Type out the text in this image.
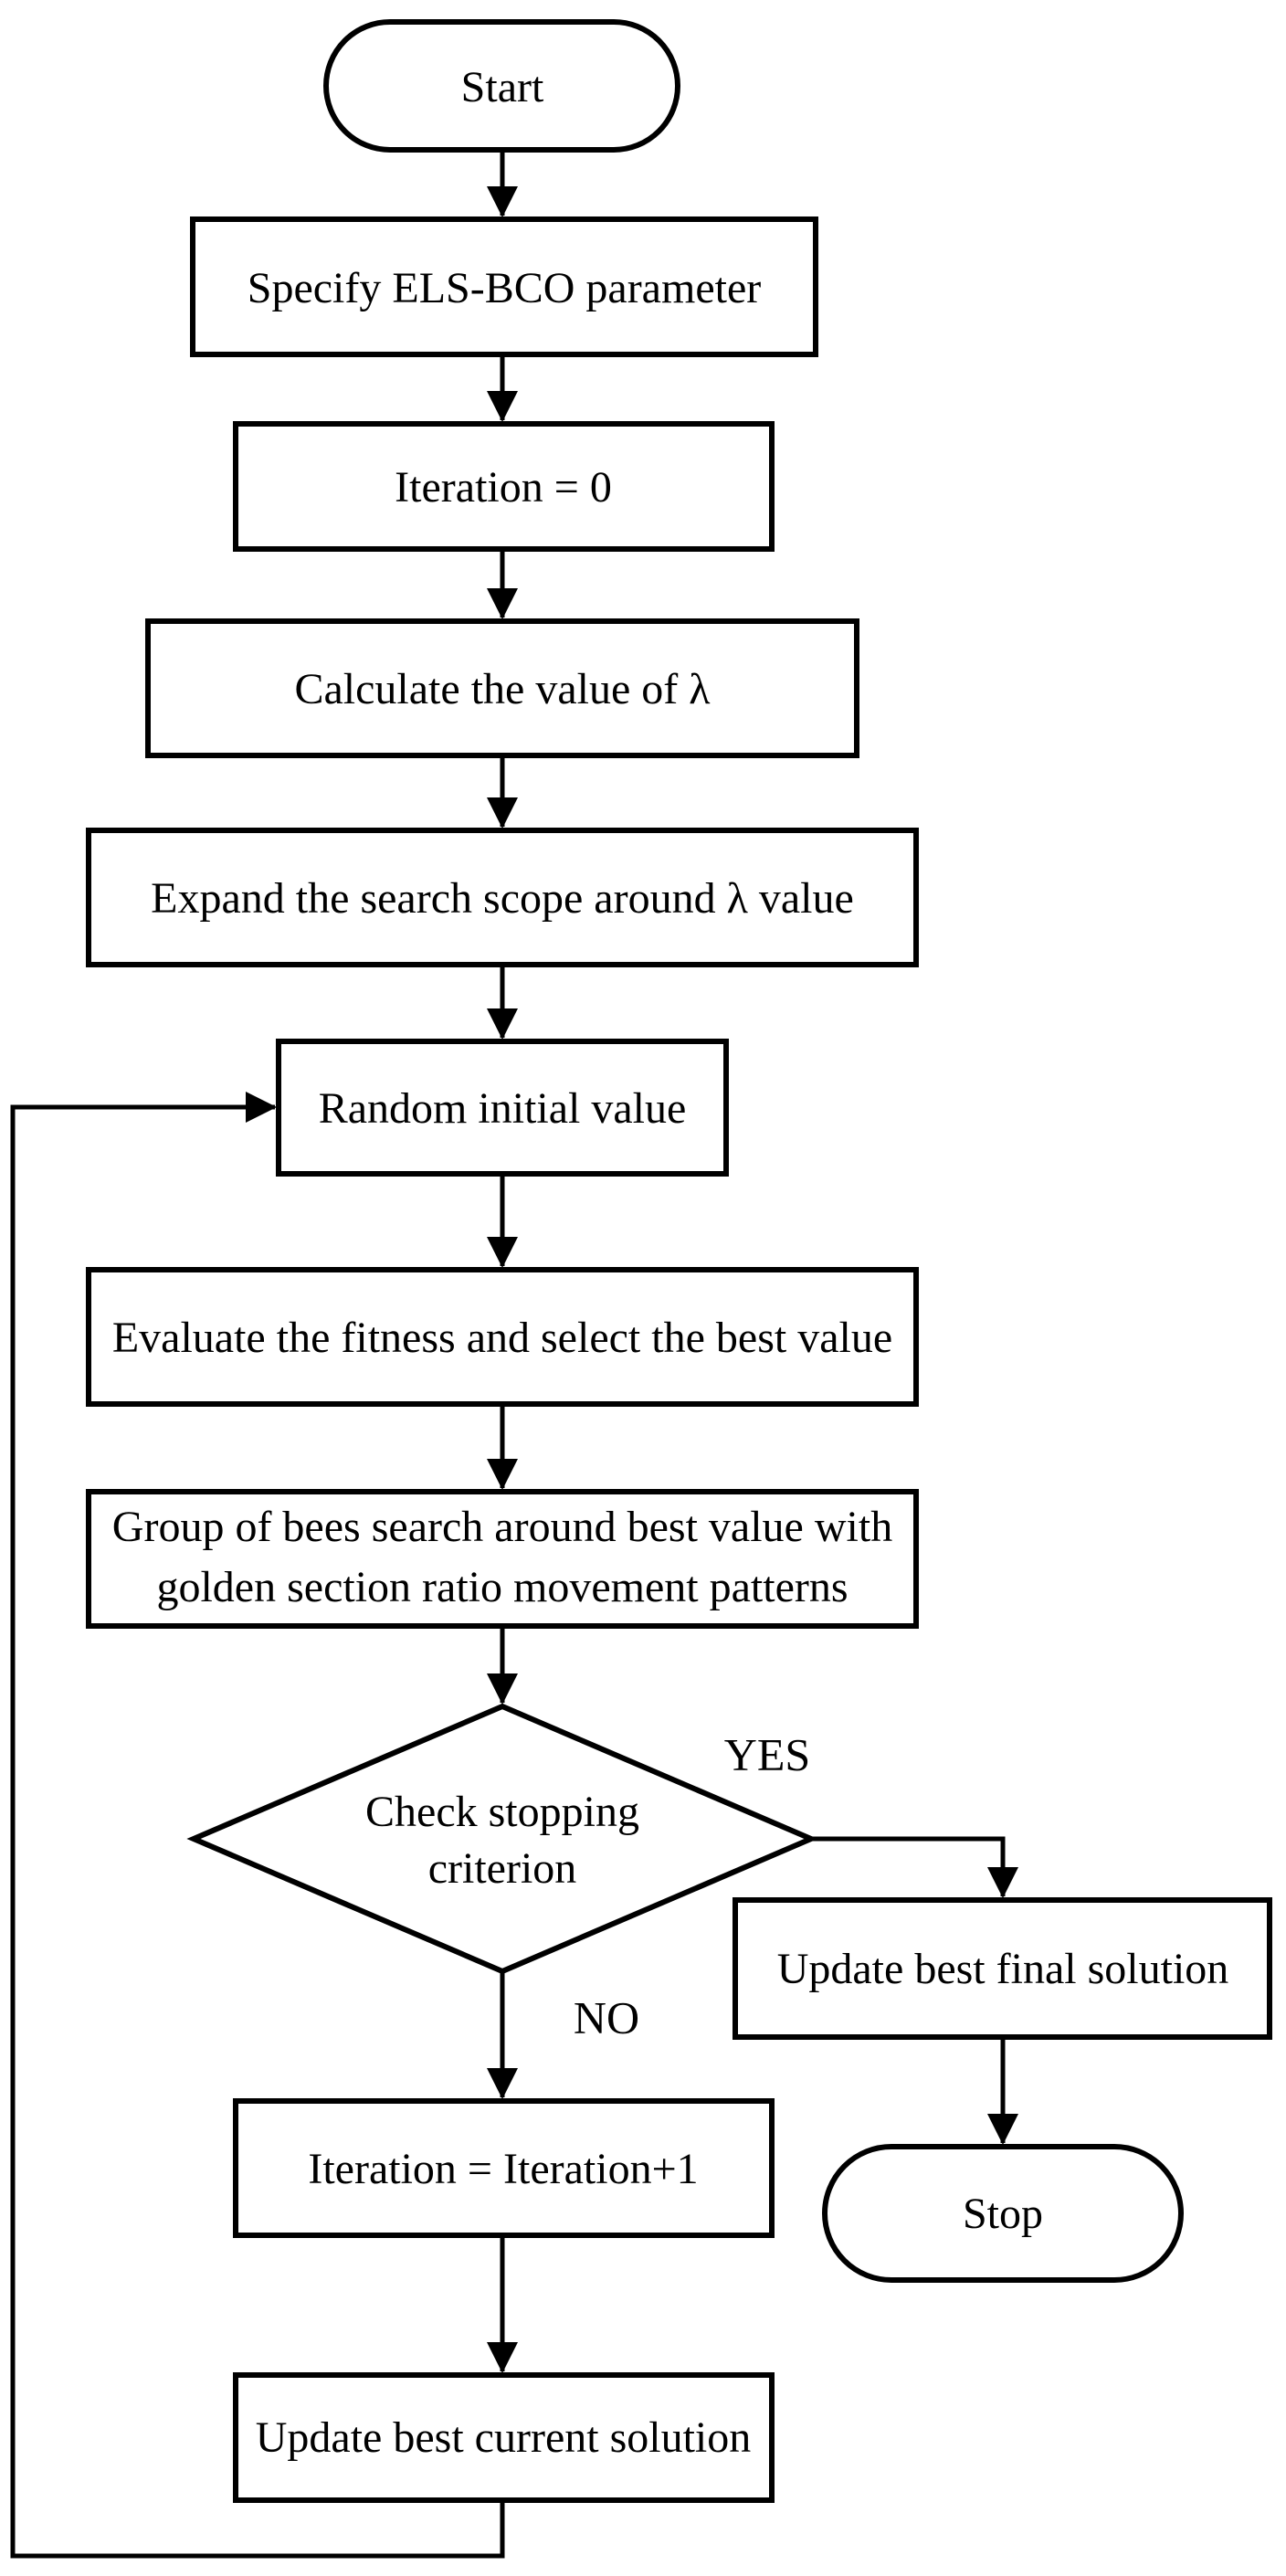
Start
Specify ELS-BCO parameter
Iteration = 0
Calculate the value of λ
Expand the search scope around λ value
Random initial value
Evaluate the fitness and select the best value
Group of bees search around best value with
golden section ratio movement patterns
Check stopping
criterion
YES
NO
Update best final solution
Stop
Iteration = Iteration+1
Update best current solution
